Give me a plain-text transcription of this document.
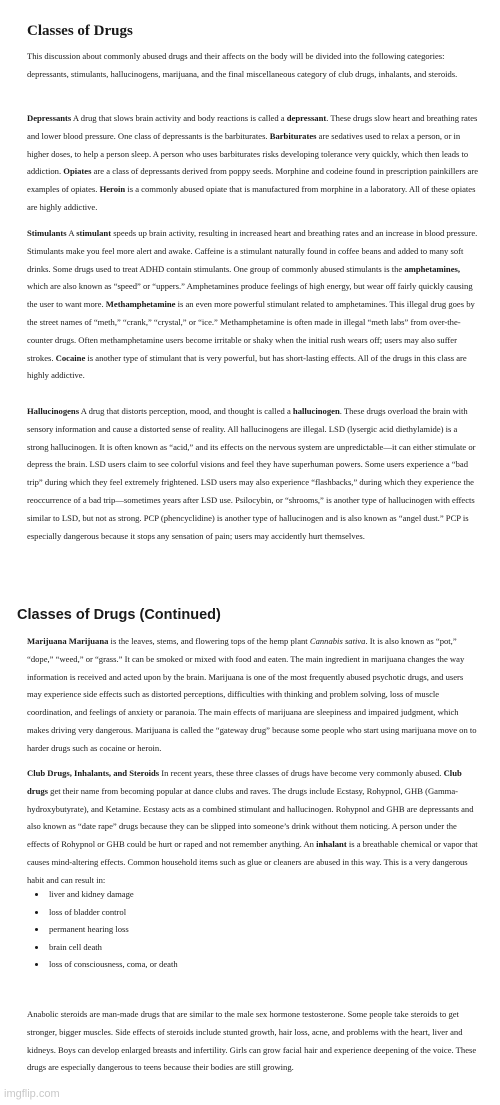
Classes of Drugs

This discussion about commonly abused drugs and their affects on the body will be divided into the following categories: depressants, stimulants, hallucinogens, marijuana, and the final miscellaneous category of club drugs, inhalants, and steroids.

Depressants A drug that slows brain activity and body reactions is called a depressant. These drugs slow heart and breathing rates and lower blood pressure. One class of depressants is the barbiturates. Barbiturates are sedatives used to relax a person, or in higher doses, to help a person sleep. A person who uses barbiturates risks developing tolerance very quickly, which then leads to addiction. Opiates are a class of depressants derived from poppy seeds. Morphine and codeine found in prescription painkillers are examples of opiates. Heroin is a commonly abused opiate that is manufactured from morphine in a laboratory. All of these opiates are highly addictive.

Stimulants A stimulant speeds up brain activity, resulting in increased heart and breathing rates and an increase in blood pressure. Stimulants make you feel more alert and awake. Caffeine is a stimulant naturally found in coffee beans and added to many soft drinks. Some drugs used to treat ADHD contain stimulants. One group of commonly abused stimulants is the amphetamines, which are also known as “speed” or “uppers.” Amphetamines produce feelings of high energy, but wear off fairly quickly causing the user to want more. Methamphetamine is an even more powerful stimulant related to amphetamines. This illegal drug goes by the street names of “meth,” “crank,” “crystal,” or “ice.” Methamphetamine is often made in illegal “meth labs” from over-the-counter drugs. Often methamphetamine users become irritable or shaky when the initial rush wears off; users may also suffer strokes. Cocaine is another type of stimulant that is very powerful, but has short-lasting effects. All of the drugs in this class are highly addictive.

Hallucinogens A drug that distorts perception, mood, and thought is called a hallucinogen. These drugs overload the brain with sensory information and cause a distorted sense of reality. All hallucinogens are illegal. LSD (lysergic acid diethylamide) is a strong hallucinogen. It is often known as “acid,” and its effects on the nervous system are unpredictable—it can either stimulate or depress the brain. LSD users claim to see colorful visions and feel they have superhuman powers. Some users experience a “bad trip” during which they feel extremely frightened. LSD users may also experience “flashbacks,” during which they experience the reoccurrence of a bad trip—sometimes years after LSD use. Psilocybin, or “shrooms,” is another type of hallucinogen with effects similar to LSD, but not as strong. PCP (phencyclidine) is another type of hallucinogen and is also known as “angel dust.” PCP is especially dangerous because it stops any sensation of pain; users may accidently hurt themselves.

Classes of Drugs (Continued)

Marijuana Marijuana is the leaves, stems, and flowering tops of the hemp plant Cannabis sativa. It is also known as “pot,” “dope,” “weed,” or “grass.” It can be smoked or mixed with food and eaten. The main ingredient in marijuana changes the way information is received and acted upon by the brain. Marijuana is one of the most frequently abused psychotic drugs, and users may experience side effects such as distorted perceptions, difficulties with thinking and problem solving, loss of muscle coordination, and feelings of anxiety or paranoia. The main effects of marijuana are sleepiness and impaired judgment, which makes driving very dangerous. Marijuana is called the “gateway drug” because some people who start using marijuana move on to harder drugs such as cocaine or heroin.

Club Drugs, Inhalants, and Steroids In recent years, these three classes of drugs have become very commonly abused. Club drugs get their name from becoming popular at dance clubs and raves. The drugs include Ecstasy, Rohypnol, GHB (Gamma-hydroxybutyrate), and Ketamine. Ecstasy acts as a combined stimulant and hallucinogen. Rohypnol and GHB are depressants and also known as “date rape” drugs because they can be slipped into someone’s drink without them noticing. A person under the effects of Rohypnol or GHB could be hurt or raped and not remember anything. An inhalant is a breathable chemical or vapor that causes mind-altering effects. Common household items such as glue or cleaners are abused in this way. This is a very dangerous habit and can result in:

• liver and kidney damage
• loss of bladder control
• permanent hearing loss
• brain cell death
• loss of consciousness, coma, or death

Anabolic steroids are man-made drugs that are similar to the male sex hormone testosterone. Some people take steroids to get stronger, bigger muscles. Side effects of steroids include stunted growth, hair loss, acne, and problems with the heart, liver and kidneys. Boys can develop enlarged breasts and infertility. Girls can grow facial hair and experience deepening of the voice. These drugs are especially dangerous to teens because their bodies are still growing.

imgflip.com
